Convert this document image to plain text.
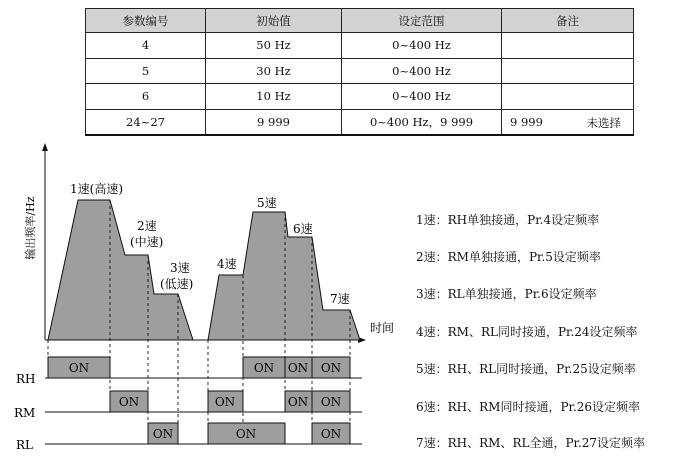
参数编号	初始值	设定范围	备注
4	50 Hz	0~400 Hz	
5	30 Hz	0~400 Hz	
6	10 Hz	0~400 Hz	
24~27	9 999	0~400 Hz，9 999	9 999 未选择
输出频率/Hz
时间
1速(高速)
2速
(中速)
3速
(低速)
4速
5速
6速
7速
RH
RM
RL
ON	ON ON ON
ON	ON	ON ON
ON	ON	ON
1速：RH单独接通，Pr.4设定频率
2速：RM单独接通，Pr.5设定频率
3速：RL单独接通，Pr.6设定频率
4速：RM、RL同时接通，Pr.24设定频率
5速：RH、RL同时接通，Pr.25设定频率
6速：RH、RM同时接通，Pr.26设定频率
7速：RH、RM、RL全通，Pr.27设定频率
